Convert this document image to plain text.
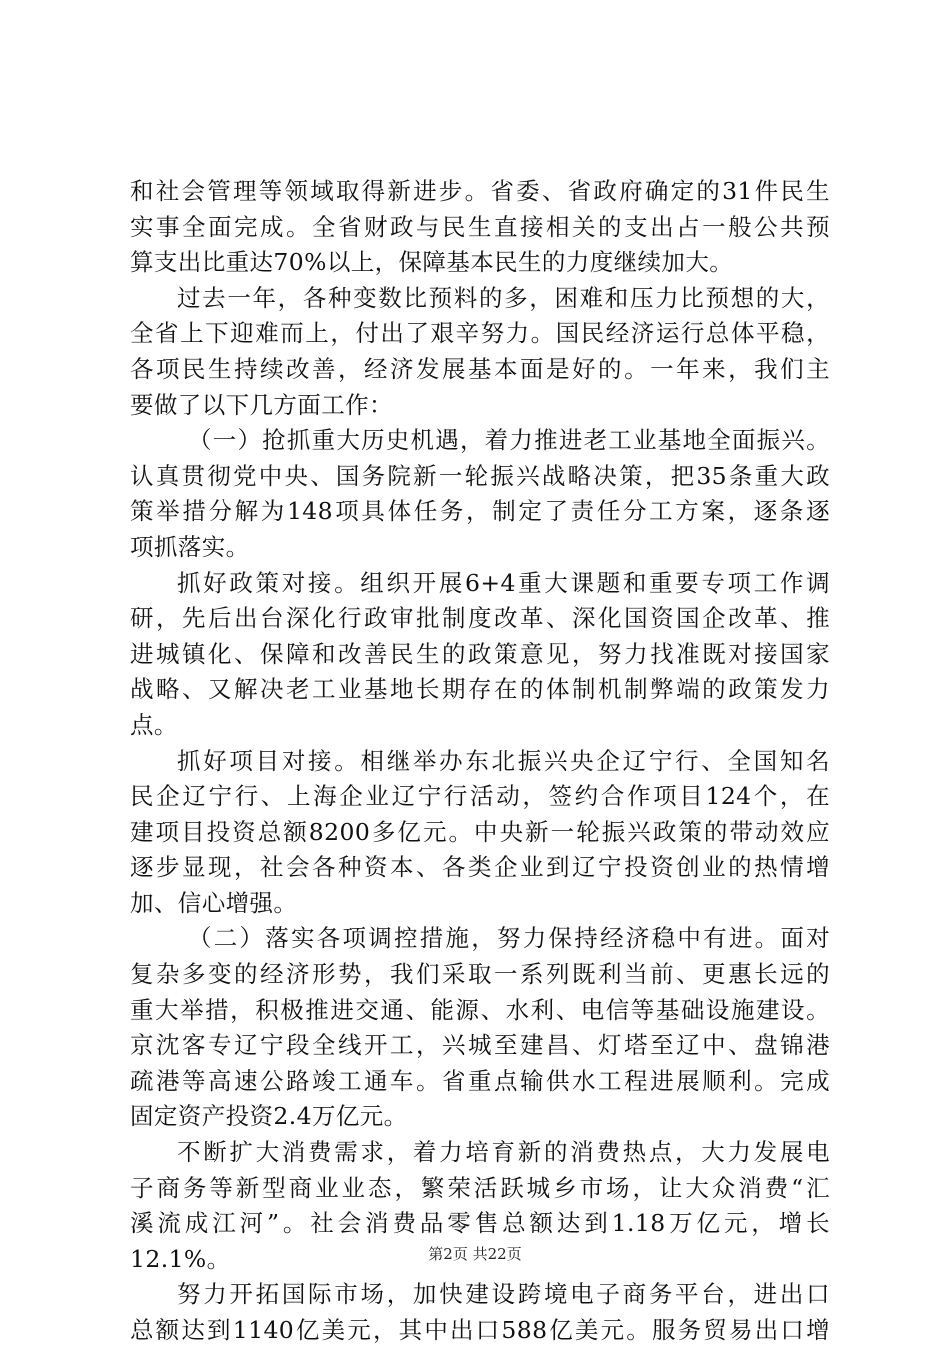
和社会管理等领域取得新进步。省委、省政府确定的31件民生
实事全面完成。全省财政与民生直接相关的支出占一般公共预
算支出比重达70%以上，保障基本民生的力度继续加大。
过去一年，各种变数比预料的多，困难和压力比预想的大，
全省上下迎难而上，付出了艰辛努力。国民经济运行总体平稳，
各项民生持续改善，经济发展基本面是好的。一年来，我们主
要做了以下几方面工作：
（一）抢抓重大历史机遇，着力推进老工业基地全面振兴。
认真贯彻党中央、国务院新一轮振兴战略决策，把35条重大政
策举措分解为148项具体任务，制定了责任分工方案，逐条逐
项抓落实。
抓好政策对接。组织开展6+4重大课题和重要专项工作调
研，先后出台深化行政审批制度改革、深化国资国企改革、推
进城镇化、保障和改善民生的政策意见，努力找准既对接国家
战略、又解决老工业基地长期存在的体制机制弊端的政策发力
点。
抓好项目对接。相继举办东北振兴央企辽宁行、全国知名
民企辽宁行、上海企业辽宁行活动，签约合作项目124个，在
建项目投资总额8200多亿元。中央新一轮振兴政策的带动效应
逐步显现，社会各种资本、各类企业到辽宁投资创业的热情增
加、信心增强。
（二）落实各项调控措施，努力保持经济稳中有进。面对
复杂多变的经济形势，我们采取一系列既利当前、更惠长远的
重大举措，积极推进交通、能源、水利、电信等基础设施建设。
京沈客专辽宁段全线开工，兴城至建昌、灯塔至辽中、盘锦港
疏港等高速公路竣工通车。省重点输供水工程进展顺利。完成
固定资产投资2.4万亿元。
不断扩大消费需求，着力培育新的消费热点，大力发展电
子商务等新型商业业态，繁荣活跃城乡市场，让大众消费“汇
溪流成江河”。社会消费品零售总额达到1.18万亿元，增长
12.1%。
努力开拓国际市场，加快建设跨境电子商务平台，进出口
总额达到1140亿美元，其中出口588亿美元。服务贸易出口增
第2页 共22页
